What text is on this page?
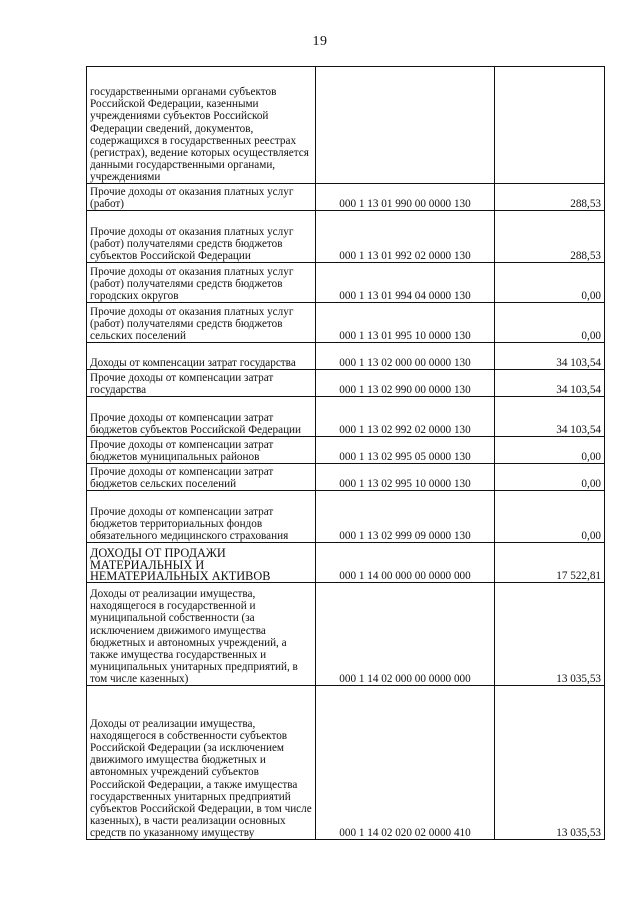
19
государственными органами субъектов Российской Федерации, казенными учреждениями субъектов Российской Федерации сведений, документов, содержащихся в государственных реестрах (регистрах), ведение которых осуществляется данными государственными органами, учреждениями		
Прочие доходы от оказания платных услуг (работ)	000 1 13 01 990 00 0000 130	288,53
Прочие доходы от оказания платных услуг (работ) получателями средств бюджетов субъектов Российской Федерации	000 1 13 01 992 02 0000 130	288,53
Прочие доходы от оказания платных услуг (работ) получателями средств бюджетов городских округов	000 1 13 01 994 04 0000 130	0,00
Прочие доходы от оказания платных услуг (работ) получателями средств бюджетов сельских поселений	000 1 13 01 995 10 0000 130	0,00
Доходы от компенсации затрат государства	000 1 13 02 000 00 0000 130	34 103,54
Прочие доходы от компенсации затрат государства	000 1 13 02 990 00 0000 130	34 103,54
Прочие доходы от компенсации затрат бюджетов субъектов Российской Федерации	000 1 13 02 992 02 0000 130	34 103,54
Прочие доходы от компенсации затрат бюджетов муниципальных районов	000 1 13 02 995 05 0000 130	0,00
Прочие доходы от компенсации затрат бюджетов сельских поселений	000 1 13 02 995 10 0000 130	0,00
Прочие доходы от компенсации затрат бюджетов территориальных фондов обязательного медицинского страхования	000 1 13 02 999 09 0000 130	0,00
ДОХОДЫ ОТ ПРОДАЖИ МАТЕРИАЛЬНЫХ И НЕМАТЕРИАЛЬНЫХ АКТИВОВ	000 1 14 00 000 00 0000 000	17 522,81
Доходы от реализации имущества, находящегося в государственной и муниципальной собственности (за исключением движимого имущества бюджетных и автономных учреждений, а также имущества государственных и муниципальных унитарных предприятий, в том числе казенных)	000 1 14 02 000 00 0000 000	13 035,53
Доходы от реализации имущества, находящегося в собственности субъектов Российской Федерации (за исключением движимого имущества бюджетных и автономных учреждений субъектов Российской Федерации, а также имущества государственных унитарных предприятий субъектов Российской Федерации, в том числе казенных), в части реализации основных средств по указанному имуществу	000 1 14 02 020 02 0000 410	13 035,53
